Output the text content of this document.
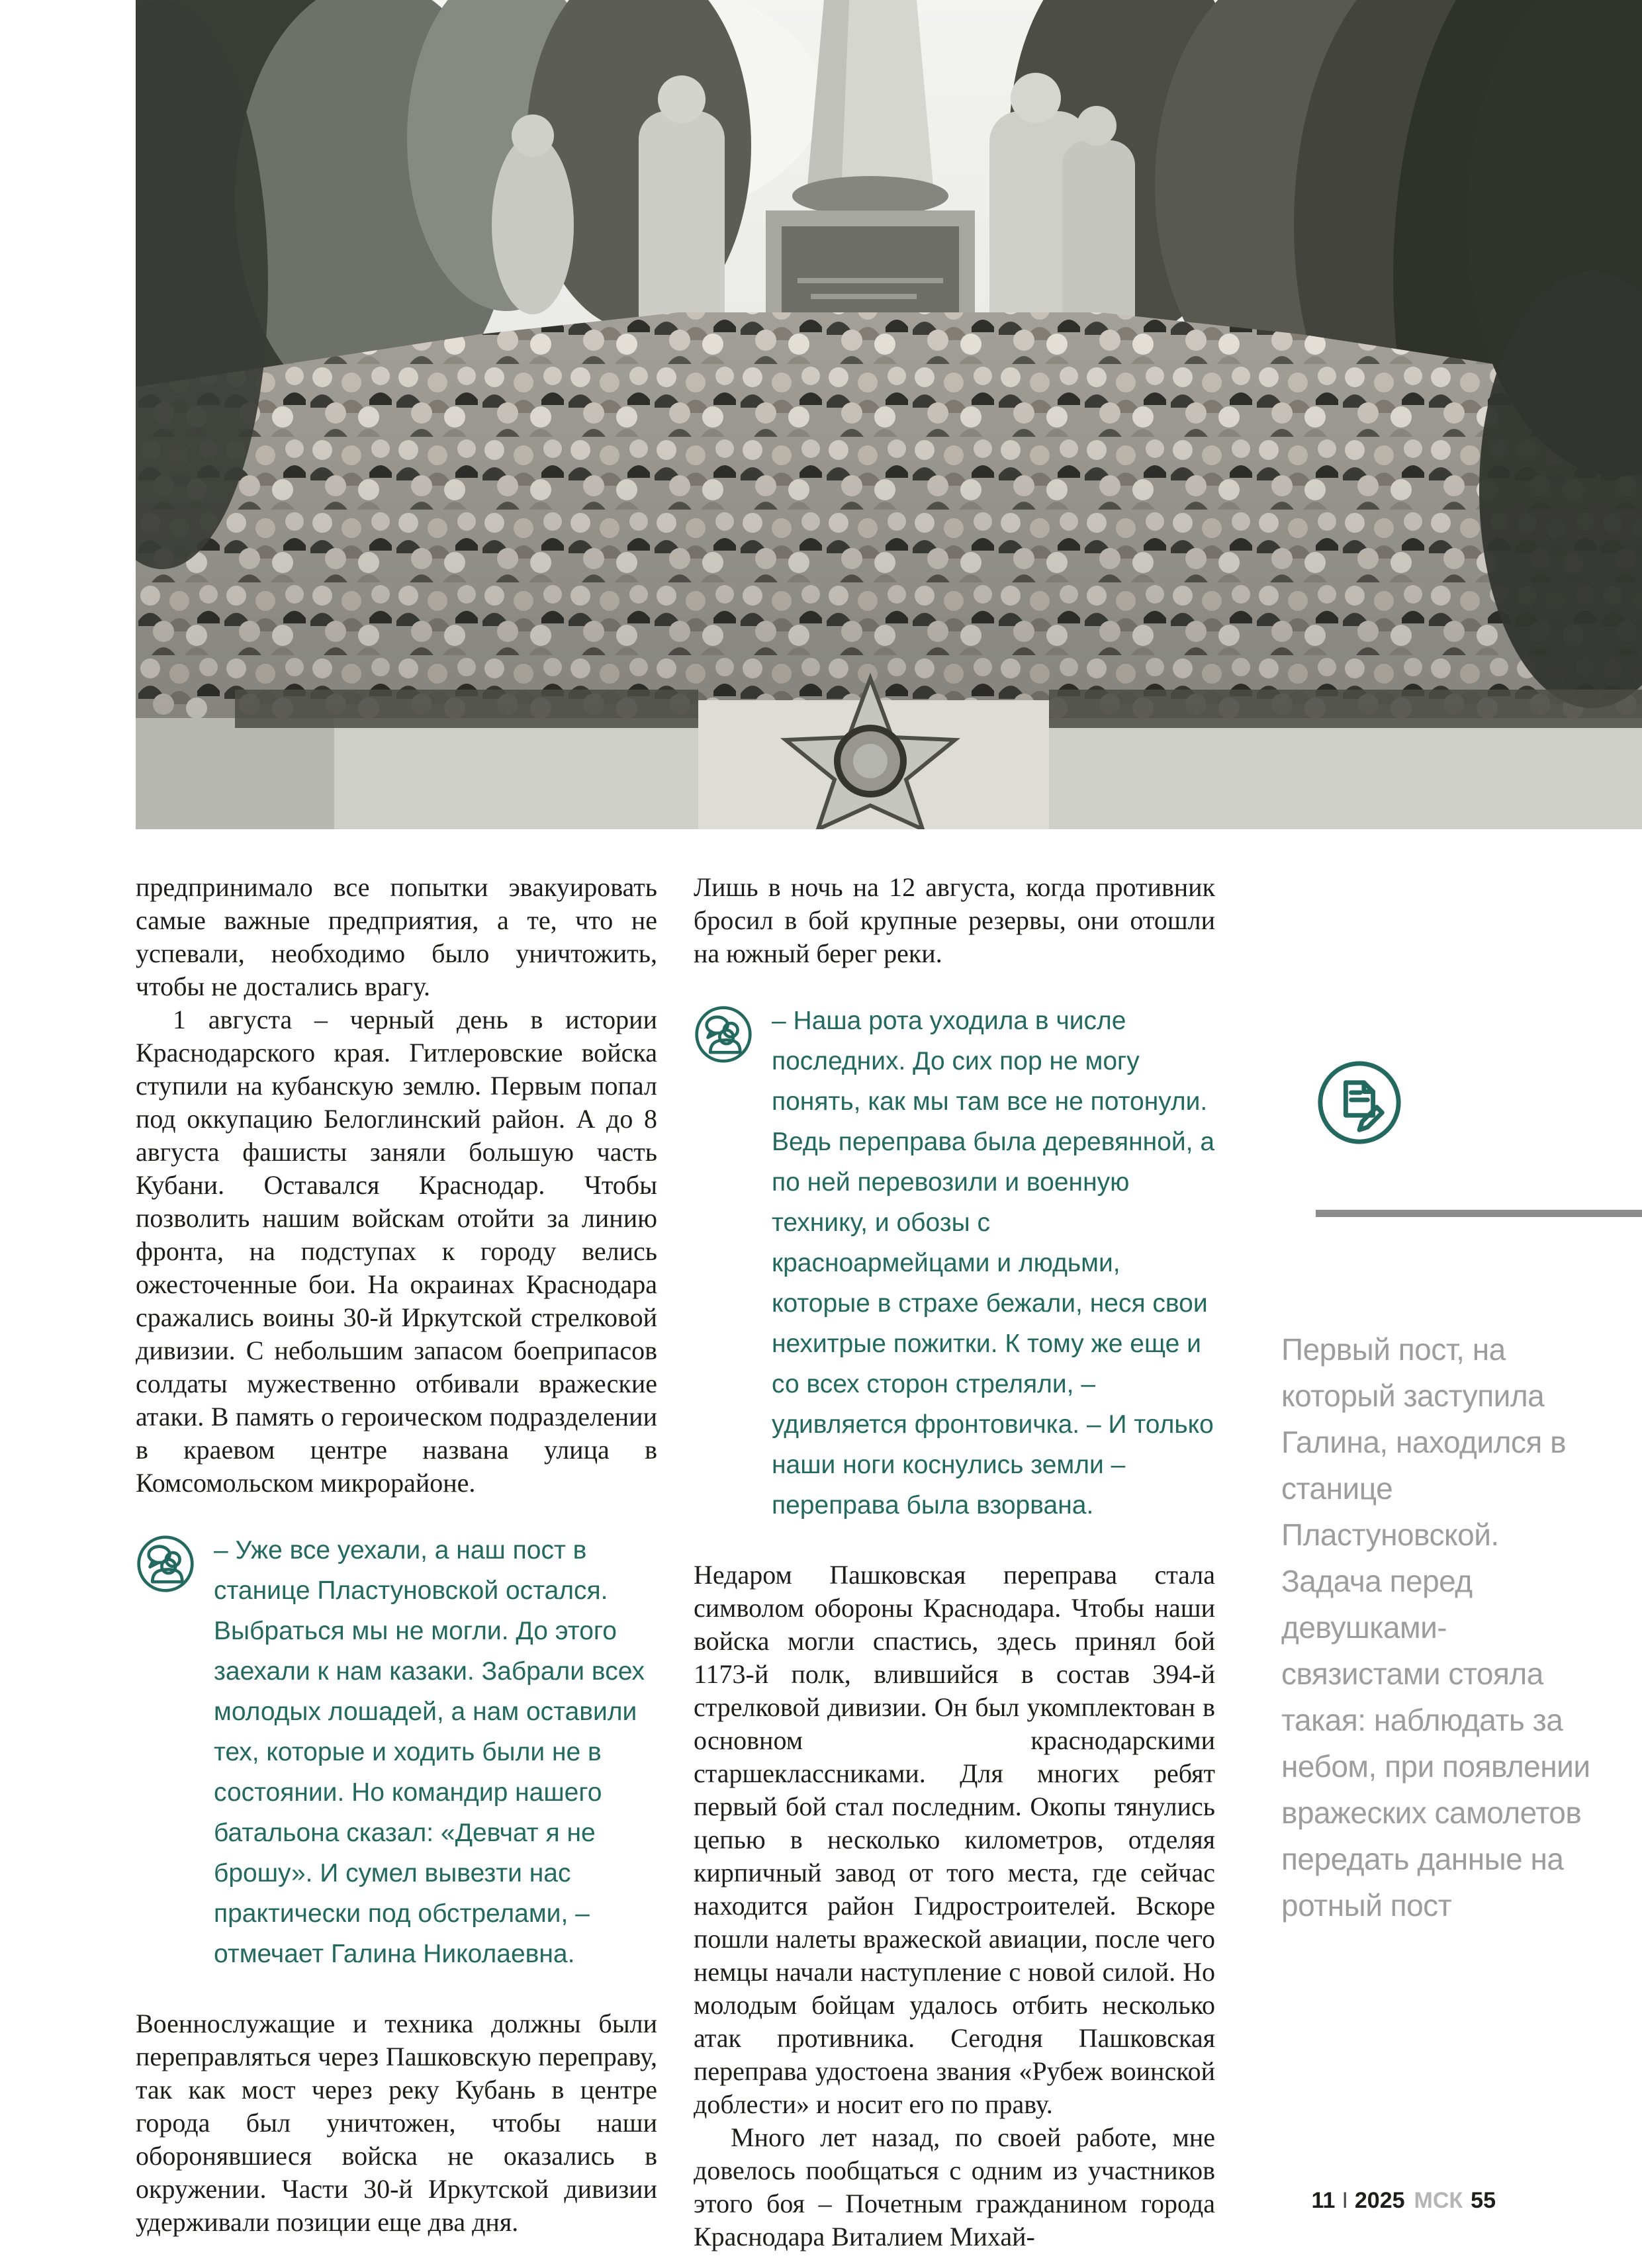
предпринимало все попытки эвакуировать самые важные предприятия, а те, что не успевали, необходимо было уничтожить, чтобы не достались врагу.

1 августа – черный день в истории Краснодарского края. Гитлеровские войска ступили на кубанскую землю. Первым попал под оккупацию Белоглинский район. А до 8 августа фашисты заняли большую часть Кубани. Оставался Краснодар. Чтобы позволить нашим войскам отойти за линию фронта, на подступах к городу велись ожесточенные бои. На окраинах Краснодара сражались воины 30-й Иркутской стрелковой дивизии. С небольшим запасом боеприпасов солдаты мужественно отбивали вражеские атаки. В память о героическом подразделении в краевом центре названа улица в Комсомольском микрорайоне.

– Уже все уехали, а наш пост в станице Пластуновской остался. Выбраться мы не могли. До этого заехали к нам казаки. Забрали всех молодых лошадей, а нам оставили тех, которые и ходить были не в состоянии. Но командир нашего батальона сказал: «Девчат я не брошу». И сумел вывезти нас практически под обстрелами, – отмечает Галина Николаевна.

Военнослужащие и техника должны были переправляться через Пашковскую переправу, так как мост через реку Кубань в центре города был уничтожен, чтобы наши оборонявшиеся войска не оказались в окружении. Части 30-й Иркутской дивизии удерживали позиции еще два дня.

Лишь в ночь на 12 августа, когда противник бросил в бой крупные резервы, они отошли на южный берег реки.

– Наша рота уходила в числе последних. До сих пор не могу понять, как мы там все не потонули. Ведь переправа была деревянной, а по ней перевозили и военную технику, и обозы с красноармейцами и людьми, которые в страхе бежали, неся свои нехитрые пожитки. К тому же еще и со всех сторон стреляли, – удивляется фронтовичка. – И только наши ноги коснулись земли – переправа была взорвана.

Недаром Пашковская переправа стала символом обороны Краснодара. Чтобы наши войска могли спастись, здесь принял бой 1173-й полк, влившийся в состав 394-й стрелковой дивизии. Он был укомплектован в основном краснодарскими старшеклассниками. Для многих ребят первый бой стал последним. Окопы тянулись цепью в несколько километров, отделяя кирпичный завод от того места, где сейчас находится район Гидростроителей. Вскоре пошли налеты вражеской авиации, после чего немцы начали наступление с новой силой. Но молодым бойцам удалось отбить несколько атак противника. Сегодня Пашковская переправа удостоена звания «Рубеж воинской доблести» и носит его по праву.

Много лет назад, по своей работе, мне довелось пообщаться с одним из участников этого боя – Почетным гражданином города Краснодара Виталием Михай-

Первый пост, на который заступила Галина, находился в станице Пластуновской. Задача перед девушками-связистами стояла такая: наблюдать за небом, при появлении вражеских самолетов передать данные на ротный пост
11 I 2025 МСК 55
